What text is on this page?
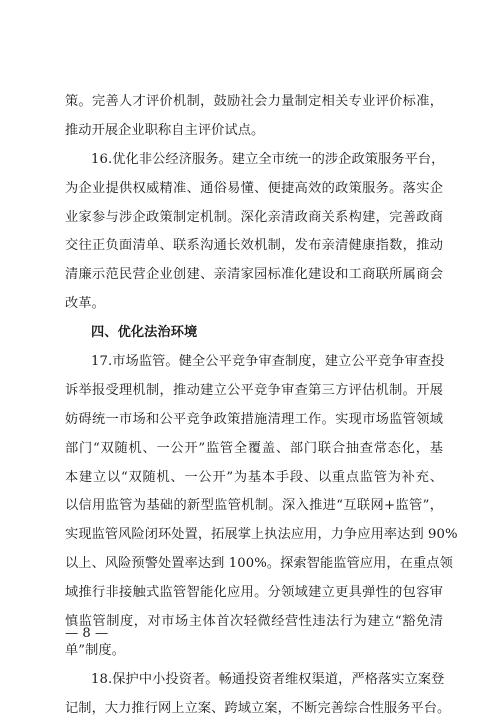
策。完善人才评价机制，鼓励社会力量制定相关专业评价标准，
推动开展企业职称自主评价试点。
16.优化非公经济服务。建立全市统一的涉企政策服务平台，
为企业提供权威精准、通俗易懂、便捷高效的政策服务。落实企
业家参与涉企政策制定机制。深化亲清政商关系构建，完善政商
交往正负面清单、联系沟通长效机制，发布亲清健康指数，推动
清廉示范民营企业创建、亲清家园标准化建设和工商联所属商会
改革。
四、优化法治环境
17.市场监管。健全公平竞争审查制度，建立公平竞争审查投
诉举报受理机制，推动建立公平竞争审查第三方评估机制。开展
妨碍统一市场和公平竞争政策措施清理工作。实现市场监管领域
部门“双随机、一公开”监管全覆盖、部门联合抽查常态化，基
本建立以“双随机、一公开”为基本手段、以重点监管为补充、
以信用监管为基础的新型监管机制。深入推进“互联网+监管”，
实现监管风险闭环处置，拓展掌上执法应用，力争应用率达到 90%
以上、风险预警处置率达到 100%。探索智能监管应用，在重点领
域推行非接触式监管智能化应用。分领域建立更具弹性的包容审
慎监管制度，对市场主体首次轻微经营性违法行为建立“豁免清
单”制度。
18.保护中小投资者。畅通投资者维权渠道，严格落实立案登
记制，大力推行网上立案、跨域立案，不断完善综合性服务平台。
— 8 —
